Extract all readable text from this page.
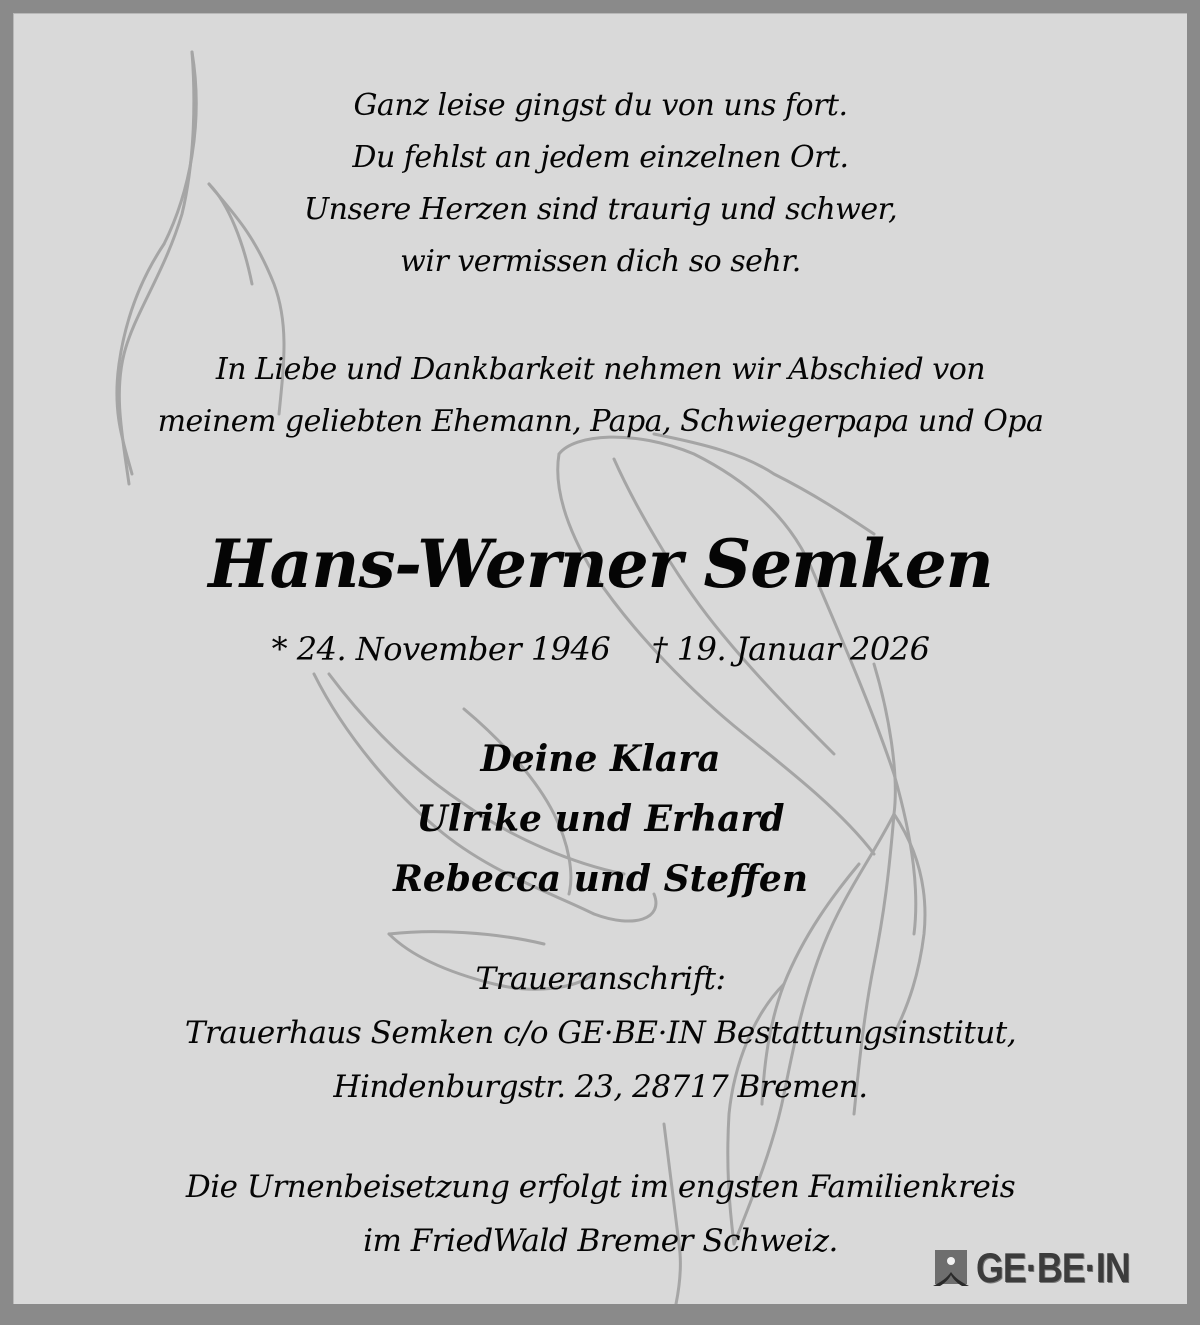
Ganz leise gingst du von uns fort.
Du fehlst an jedem einzelnen Ort.
Unsere Herzen sind traurig und schwer,
wir vermissen dich so sehr.
In Liebe und Dankbarkeit nehmen wir Abschied von
meinem geliebten Ehemann, Papa, Schwiegerpapa und Opa
Hans-Werner Semken
* 24. November 1946 † 19. Januar 2026
Deine Klara
Ulrike und Erhard
Rebecca und Steffen
Traueranschrift:
Trauerhaus Semken c/o GE·BE·IN Bestattungsinstitut,
Hindenburgstr. 23, 28717 Bremen.
Die Urnenbeisetzung erfolgt im engsten Familienkreis
im FriedWald Bremer Schweiz.
GE·BE·IN
